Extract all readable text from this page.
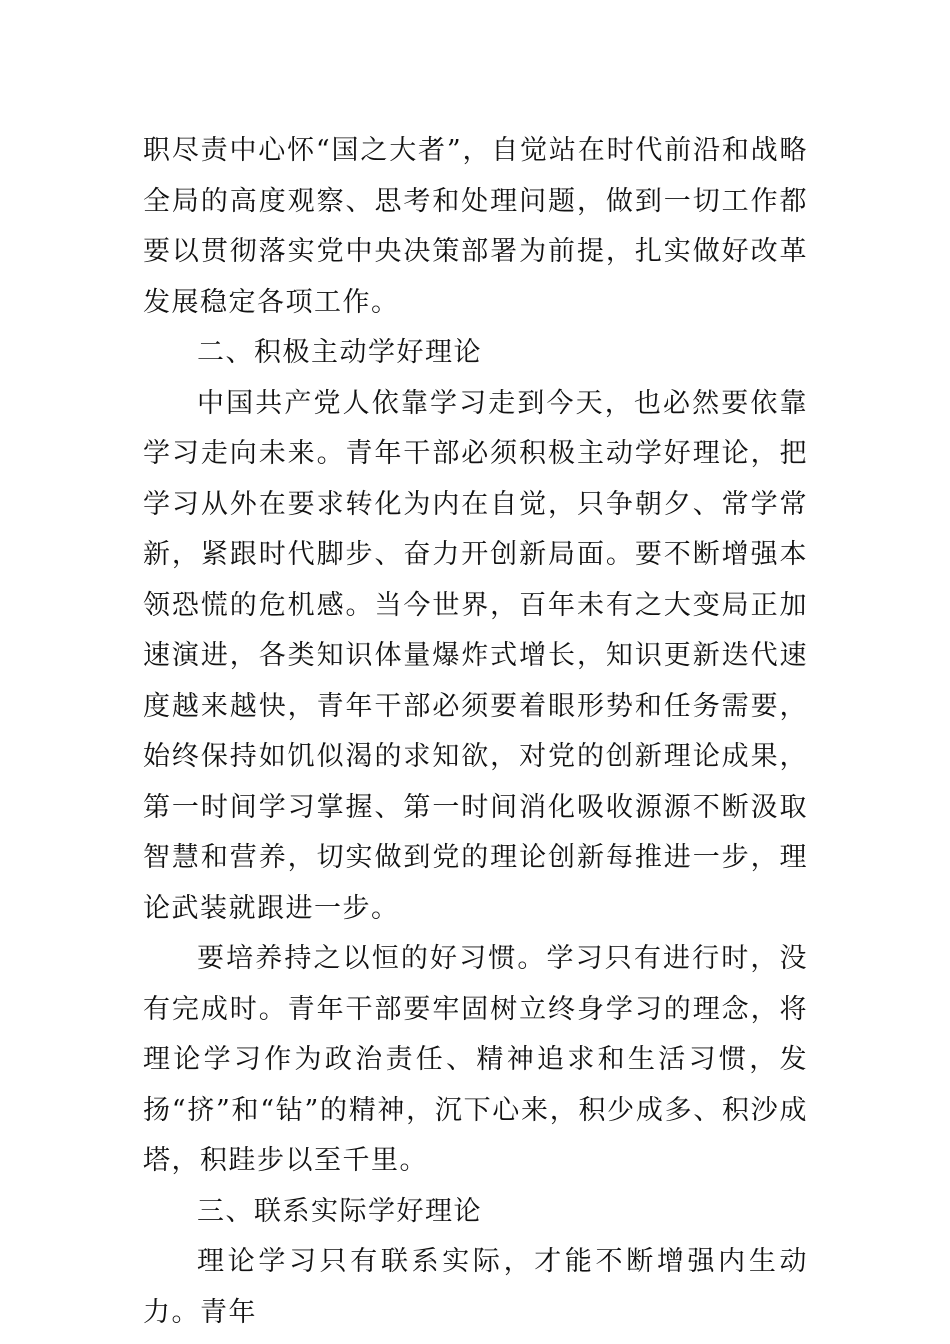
职尽责中心怀“国之大者”，自觉站在时代前沿和战略全局的高度观察、思考和处理问题，做到一切工作都要以贯彻落实党中央决策部署为前提，扎实做好改革发展稳定各项工作。

二、积极主动学好理论

中国共产党人依靠学习走到今天，也必然要依靠学习走向未来。青年干部必须积极主动学好理论，把学习从外在要求转化为内在自觉，只争朝夕、常学常新，紧跟时代脚步、奋力开创新局面。要不断增强本领恐慌的危机感。当今世界，百年未有之大变局正加速演进，各类知识体量爆炸式增长，知识更新迭代速度越来越快，青年干部必须要着眼形势和任务需要，始终保持如饥似渴的求知欲，对党的创新理论成果，第一时间学习掌握、第一时间消化吸收源源不断汲取智慧和营养，切实做到党的理论创新每推进一步，理论武装就跟进一步。

要培养持之以恒的好习惯。学习只有进行时，没有完成时。青年干部要牢固树立终身学习的理念，将理论学习作为政治责任、精神追求和生活习惯，发扬“挤”和“钻”的精神，沉下心来，积少成多、积沙成塔，积跬步以至千里。

三、联系实际学好理论

理论学习只有联系实际，才能不断增强内生动力。青年
